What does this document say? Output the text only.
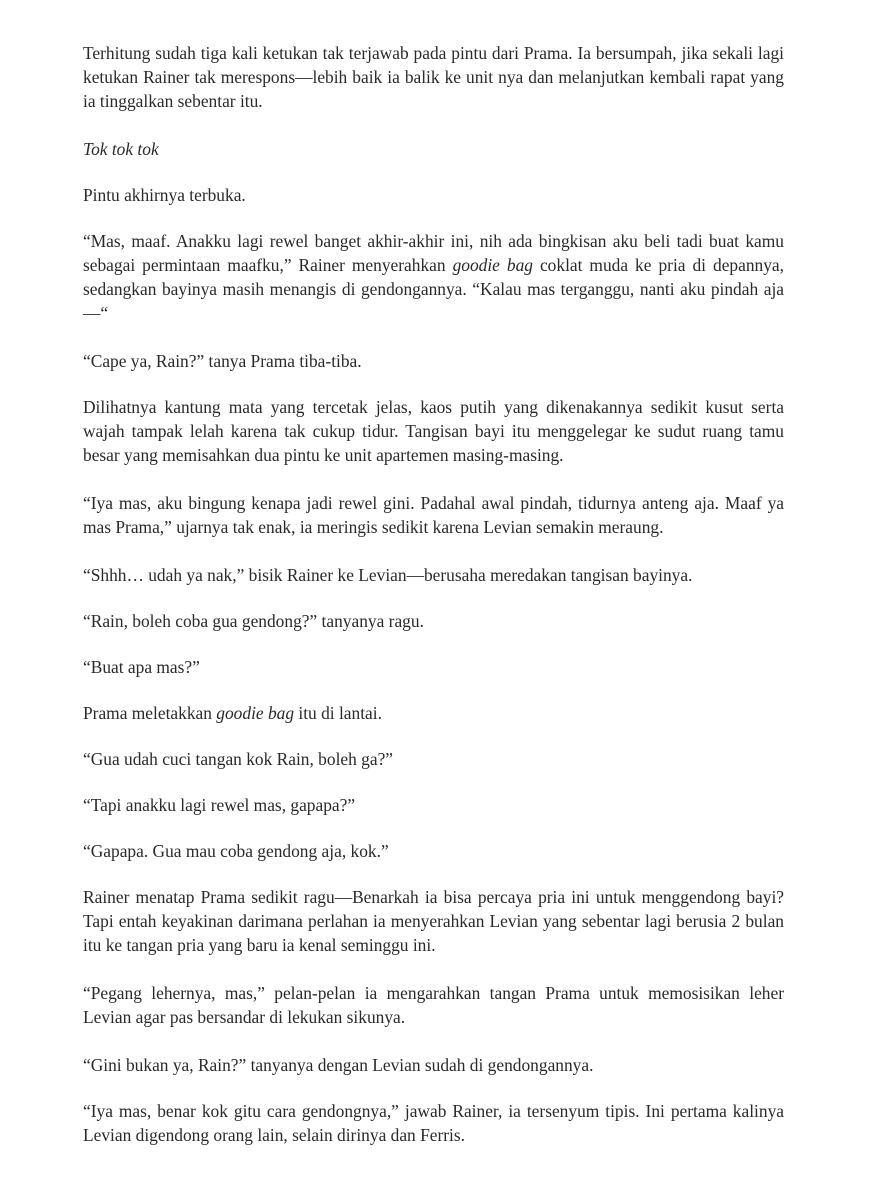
Terhitung sudah tiga kali ketukan tak terjawab pada pintu dari Prama. Ia bersumpah, jika sekali lagi ketukan Rainer tak merespons—lebih baik ia balik ke unit nya dan melanjutkan kembali rapat yang ia tinggalkan sebentar itu.

Tok tok tok

Pintu akhirnya terbuka.

“Mas, maaf. Anakku lagi rewel banget akhir-akhir ini, nih ada bingkisan aku beli tadi buat kamu sebagai permintaan maafku,” Rainer menyerahkan goodie bag coklat muda ke pria di depannya, sedangkan bayinya masih menangis di gendongannya. “Kalau mas terganggu, nanti aku pindah aja—“

“Cape ya, Rain?” tanya Prama tiba-tiba.

Dilihatnya kantung mata yang tercetak jelas, kaos putih yang dikenakannya sedikit kusut serta wajah tampak lelah karena tak cukup tidur. Tangisan bayi itu menggelegar ke sudut ruang tamu besar yang memisahkan dua pintu ke unit apartemen masing-masing.

“Iya mas, aku bingung kenapa jadi rewel gini. Padahal awal pindah, tidurnya anteng aja. Maaf ya mas Prama,” ujarnya tak enak, ia meringis sedikit karena Levian semakin meraung.

“Shhh… udah ya nak,” bisik Rainer ke Levian—berusaha meredakan tangisan bayinya.

“Rain, boleh coba gua gendong?” tanyanya ragu.

“Buat apa mas?”

Prama meletakkan goodie bag itu di lantai.

“Gua udah cuci tangan kok Rain, boleh ga?”

“Tapi anakku lagi rewel mas, gapapa?”

“Gapapa. Gua mau coba gendong aja, kok.”

Rainer menatap Prama sedikit ragu—Benarkah ia bisa percaya pria ini untuk menggendong bayi? Tapi entah keyakinan darimana perlahan ia menyerahkan Levian yang sebentar lagi berusia 2 bulan itu ke tangan pria yang baru ia kenal seminggu ini.

“Pegang lehernya, mas,” pelan-pelan ia mengarahkan tangan Prama untuk memosisikan leher Levian agar pas bersandar di lekukan sikunya.

“Gini bukan ya, Rain?” tanyanya dengan Levian sudah di gendongannya.

“Iya mas, benar kok gitu cara gendongnya,” jawab Rainer, ia tersenyum tipis. Ini pertama kalinya Levian digendong orang lain, selain dirinya dan Ferris.
